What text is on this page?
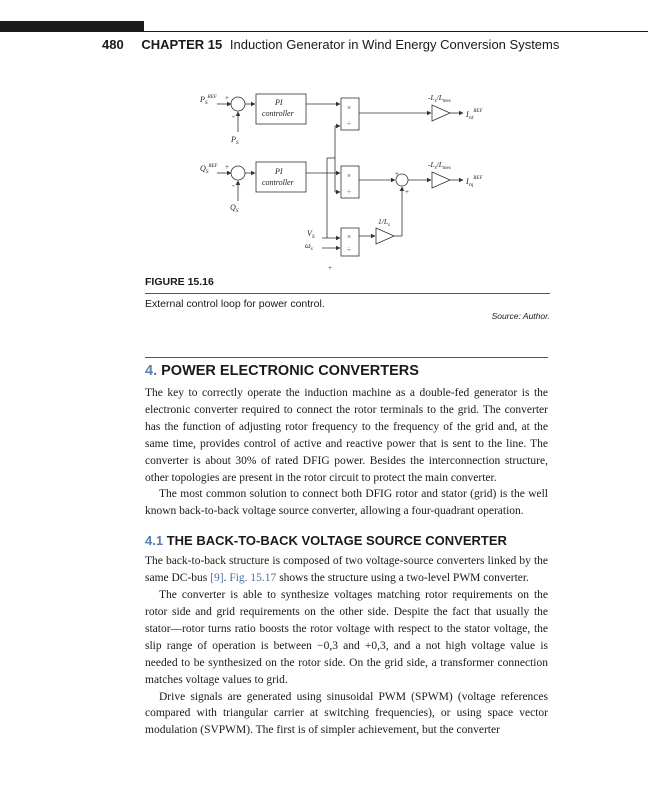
480 CHAPTER 15 Induction Generator in Wind Energy Conversion Systems
$P_S^{REF}$ +
-
$P_S$
PI
controller
×
÷
$-L_s/L_{mes}$
$I_{rd}^{REF}$
$Q_S^{REF}$ +
-
$Q_S$
PI
controller
×
÷
$-L_s/L_{mes}$
$I_{rq}^{REF}$
+
+
$V_S$
$\omega_s$
×
÷
$1/L_s$
+
FIGURE 15.16
External control loop for power control.
Source: Author.
4. POWER ELECTRONIC CONVERTERS

The key to correctly operate the induction machine as a double-fed generator is the electronic converter required to connect the rotor terminals to the grid. The converter has the function of adjusting rotor frequency to the frequency of the grid and, at the same time, provides control of active and reactive power that is sent to the line. The converter is about 30% of rated DFIG power. Besides the interconnection structure, other topologies are present in the rotor circuit to protect the main converter.

The most common solution to connect both DFIG rotor and stator (grid) is the well known back-to-back voltage source converter, allowing a four-quadrant operation.

4.1 THE BACK-TO-BACK VOLTAGE SOURCE CONVERTER

The back-to-back structure is composed of two voltage-source converters linked by the same DC-bus [9]. Fig. 15.17 shows the structure using a two-level PWM converter.

The converter is able to synthesize voltages matching rotor requirements on the rotor side and grid requirements on the other side. Despite the fact that usually the stator—rotor turns ratio boosts the rotor voltage with respect to the stator voltage, the slip range of operation is between −0,3 and +0,3, and a not high voltage value is needed to be synthesized on the rotor side. On the grid side, a transformer connection matches voltage values to grid.

Drive signals are generated using sinusoidal PWM (SPWM) (voltage references compared with triangular carrier at switching frequencies), or using space vector modulation (SVPWM). The first is of simpler achievement, but the converter
